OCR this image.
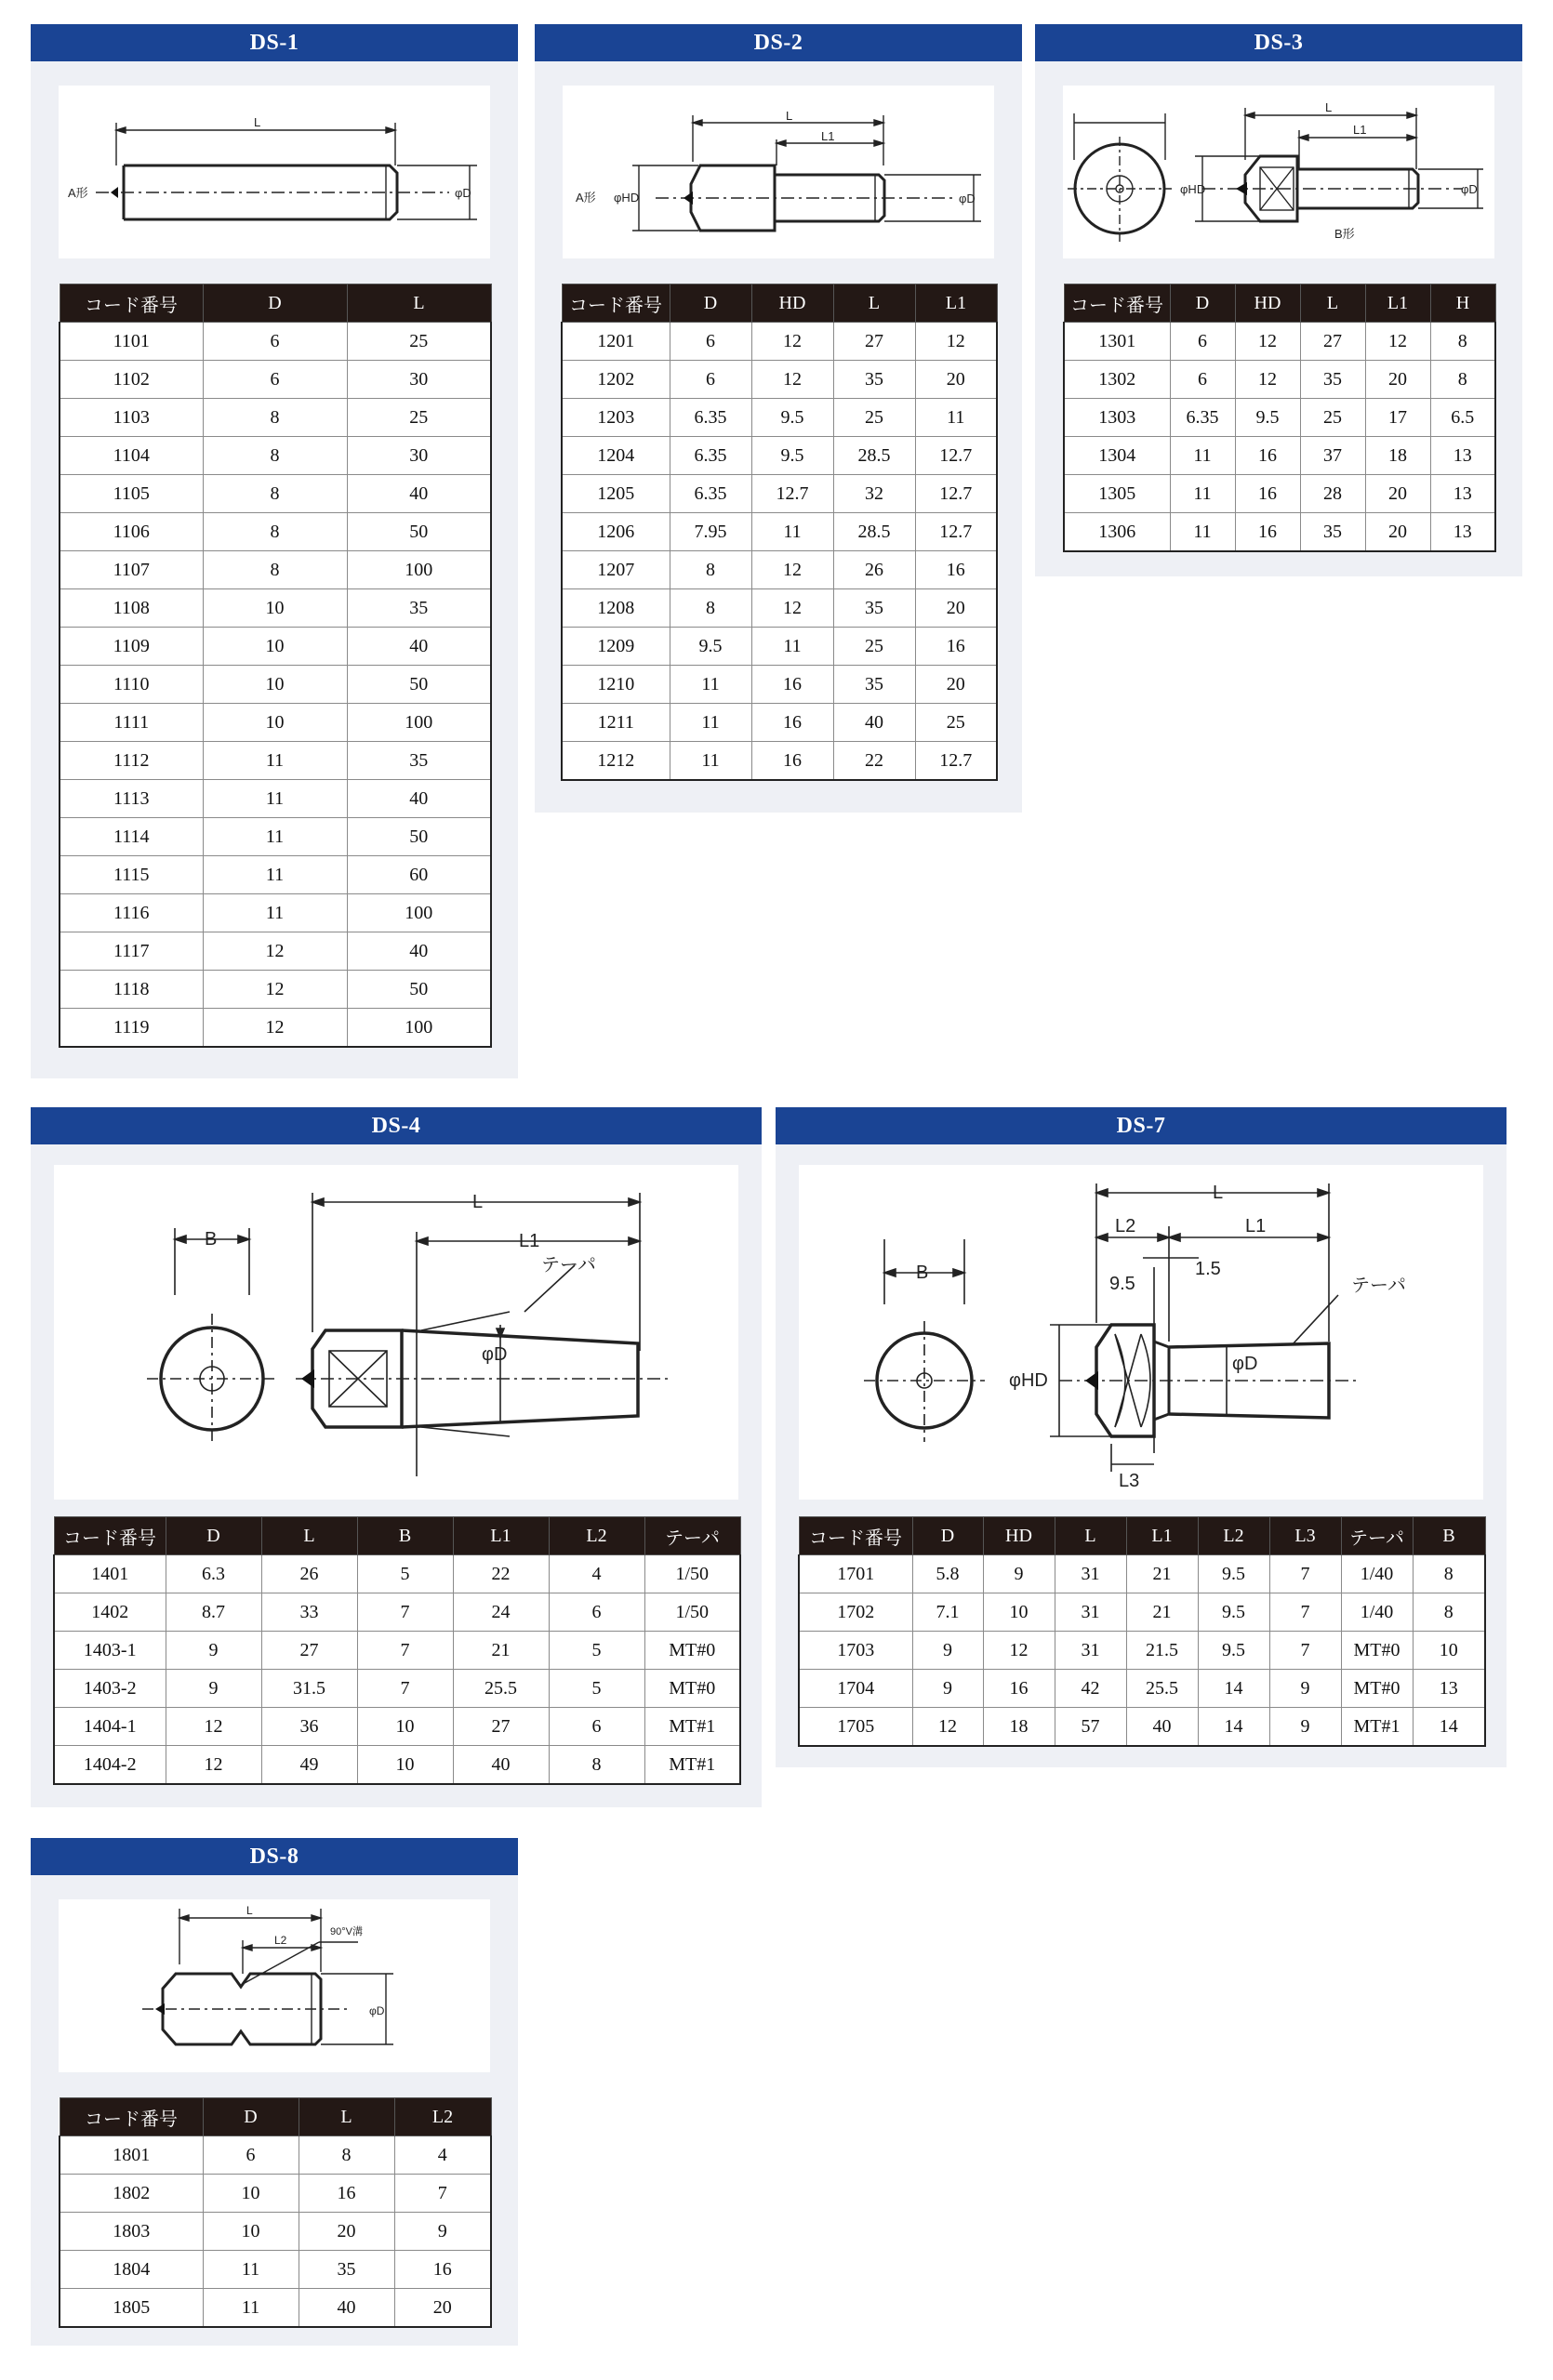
DS-1
A形
L
φD
コード番号	D	L
1101	6	25
1102	6	30
1103	8	25
1104	8	30
1105	8	40
1106	8	50
1107	8	100
1108	10	35
1109	10	40
1110	10	50
1111	10	100
1112	11	35
1113	11	40
1114	11	50
1115	11	60
1116	11	100
1117	12	40
1118	12	50
1119	12	100
DS-2
A形 φHD
L
L1
φD
コード番号	D	HD	L	L1
1201	6	12	27	12
1202	6	12	35	20
1203	6.35	9.5	25	11
1204	6.35	9.5	28.5	12.7
1205	6.35	12.7	32	12.7
1206	7.95	11	28.5	12.7
1207	8	12	26	16
1208	8	12	35	20
1209	9.5	11	25	16
1210	11	16	35	20
1211	11	16	40	25
1212	11	16	22	12.7
DS-3
φHD
L
L1
φD
B形
コード番号	D	HD	L	L1	H
1301	6	12	27	12	8
1302	6	12	35	20	8
1303	6.35	9.5	25	17	6.5
1304	11	16	37	18	13
1305	11	16	28	20	13
1306	11	16	35	20	13
DS-4
B
L
L1
φD
テーパ
コード番号	D	L	B	L1	L2	テーパ
1401	6.3	26	5	22	4	1/50
1402	8.7	33	7	24	6	1/50
1403-1	9	27	7	21	5	MT#0
1403-2	9	31.5	7	25.5	5	MT#0
1404-1	12	36	10	27	6	MT#1
1404-2	12	49	10	40	8	MT#1
DS-7
B
L
L2	L1
9.5
1.5
φHD
φD
L3
テーパ
コード番号	D	HD	L	L1	L2	L3	テーパ	B
1701	5.8	9	31	21	9.5	7	1/40	8
1702	7.1	10	31	21	9.5	7	1/40	8
1703	9	12	31	21.5	9.5	7	MT#0	10
1704	9	16	42	25.5	14	9	MT#0	13
1705	12	18	57	40	14	9	MT#1	14
DS-8
L
L2
90°V溝
φD
コード番号	D	L	L2
1801	6	8	4
1802	10	16	7
1803	10	20	9
1804	11	35	16
1805	11	40	20
